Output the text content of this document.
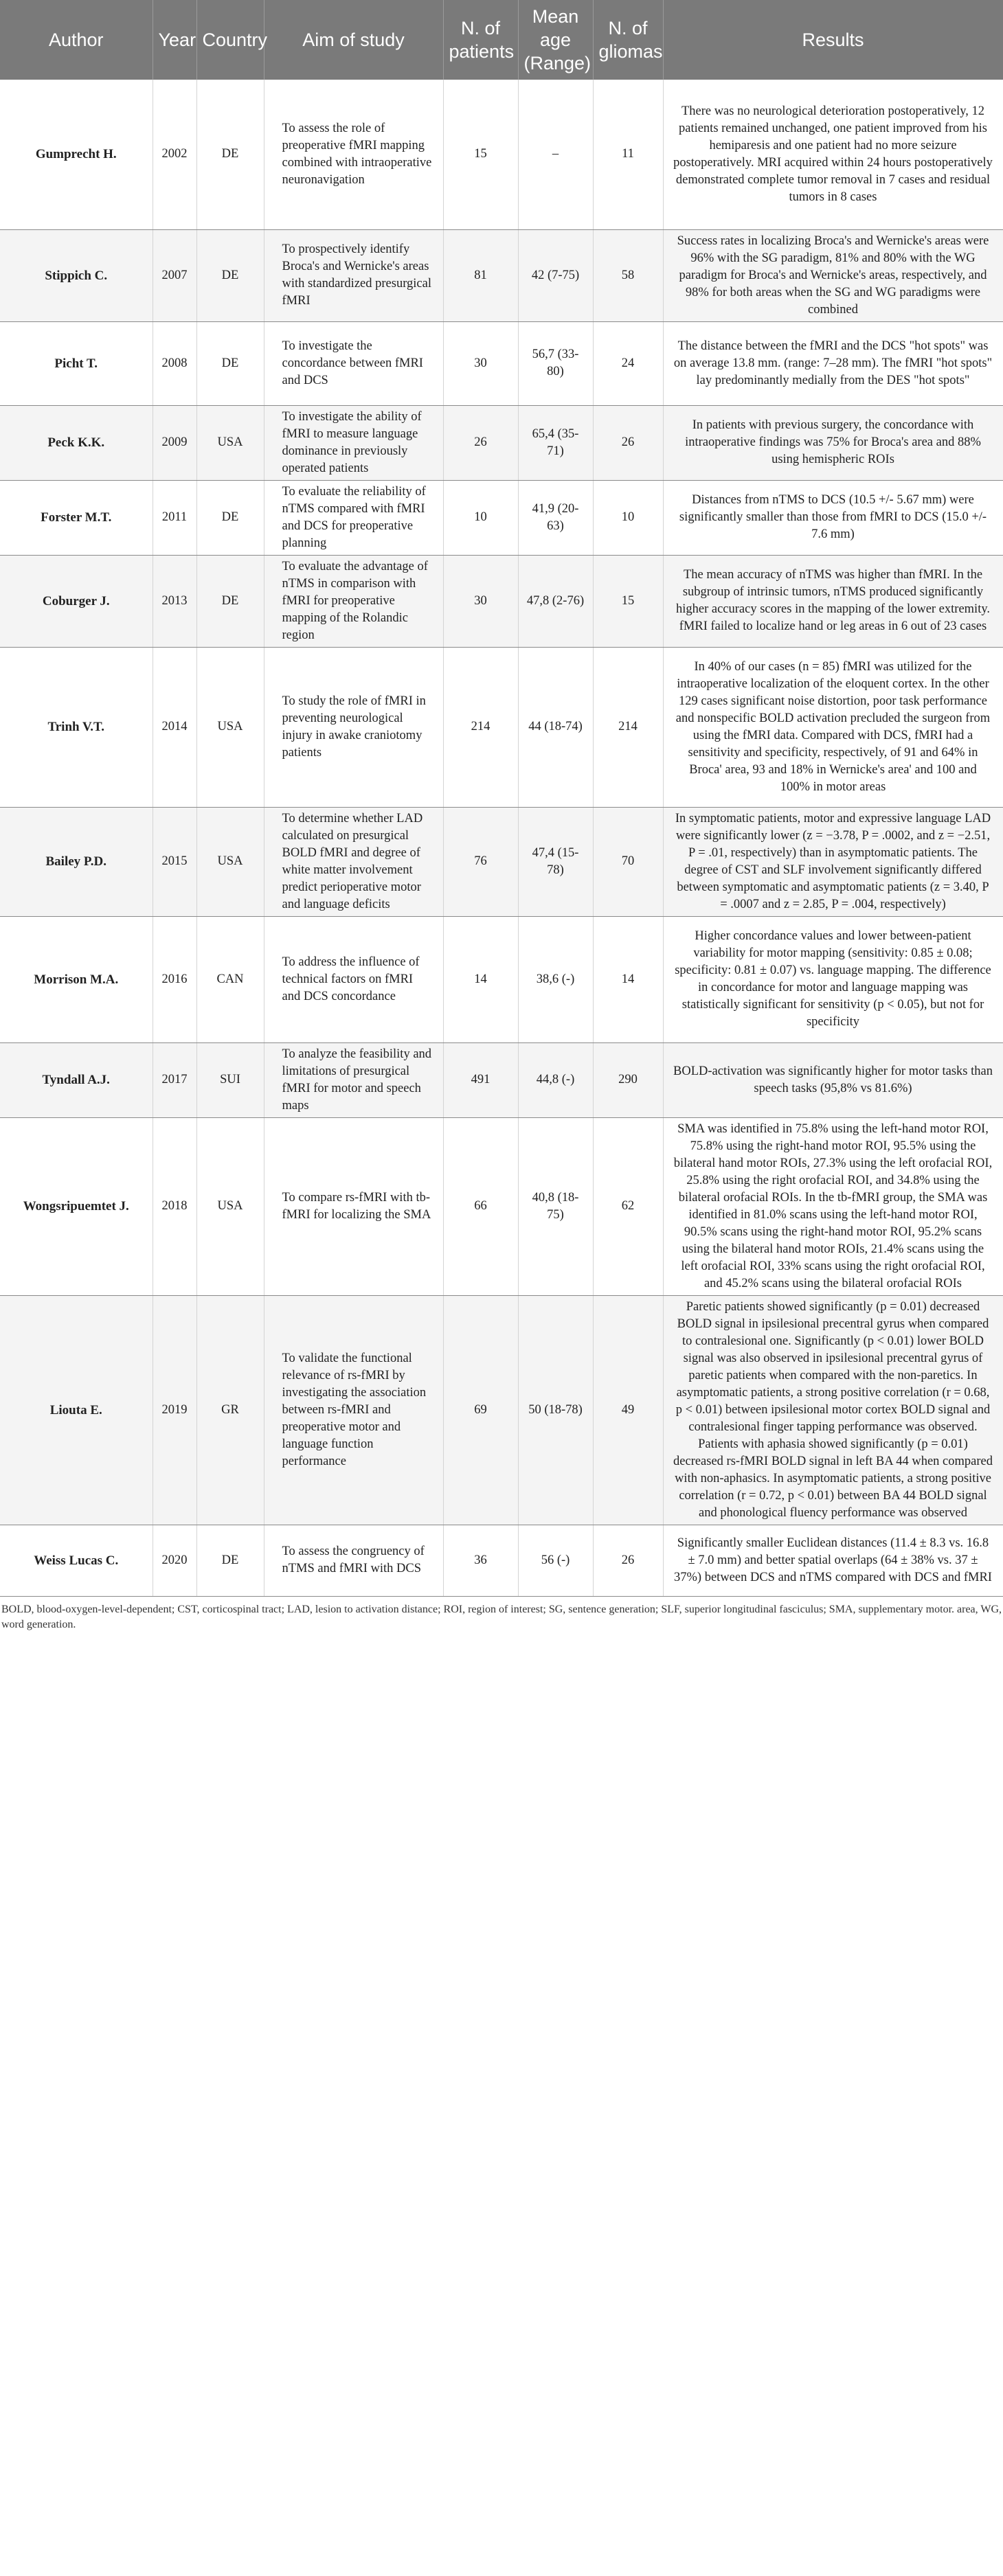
Author	Year	Country	Aim of study	N. of patients	Mean age (Range)	N. of gliomas	Results
Gumprecht H.	2002	DE	To assess the role of preoperative fMRI mapping combined with intraoperative neuronavigation	15	–	11	There was no neurological deterioration postoperatively, 12 patients remained unchanged, one patient improved from his hemiparesis and one patient had no more seizure postoperatively. MRI acquired within 24 hours postoperatively demonstrated complete tumor removal in 7 cases and residual tumors in 8 cases
Stippich C.	2007	DE	To prospectively identify Broca's and Wernicke's areas with standardized presurgical fMRI	81	42 (7-75)	58	Success rates in localizing Broca's and Wernicke's areas were 96% with the SG paradigm, 81% and 80% with the WG paradigm for Broca's and Wernicke's areas, respectively, and 98% for both areas when the SG and WG paradigms were combined
Picht T.	2008	DE	To investigate the concordance between fMRI and DCS	30	56,7 (33-80)	24	The distance between the fMRI and the DCS "hot spots" was on average 13.8 mm. (range: 7–28 mm). The fMRI "hot spots" lay predominantly medially from the DES "hot spots"
Peck K.K.	2009	USA	To investigate the ability of fMRI to measure language dominance in previously operated patients	26	65,4 (35-71)	26	In patients with previous surgery, the concordance with intraoperative findings was 75% for Broca's area and 88% using hemispheric ROIs
Forster M.T.	2011	DE	To evaluate the reliability of nTMS compared with fMRI and DCS for preoperative planning	10	41,9 (20-63)	10	Distances from nTMS to DCS (10.5 +/- 5.67 mm) were significantly smaller than those from fMRI to DCS (15.0 +/- 7.6 mm)
Coburger J.	2013	DE	To evaluate the advantage of nTMS in comparison with fMRI for preoperative mapping of the Rolandic region	30	47,8 (2-76)	15	The mean accuracy of nTMS was higher than fMRI. In the subgroup of intrinsic tumors, nTMS produced significantly higher accuracy scores in the mapping of the lower extremity. fMRI failed to localize hand or leg areas in 6 out of 23 cases
Trinh V.T.	2014	USA	To study the role of fMRI in preventing neurological injury in awake craniotomy patients	214	44 (18-74)	214	In 40% of our cases (n = 85) fMRI was utilized for the intraoperative localization of the eloquent cortex. In the other 129 cases significant noise distortion, poor task performance and nonspecific BOLD activation precluded the surgeon from using the fMRI data. Compared with DCS, fMRI had a sensitivity and specificity, respectively, of 91 and 64% in Broca' area, 93 and 18% in Wernicke's area' and 100 and 100% in motor areas
Bailey P.D.	2015	USA	To determine whether LAD calculated on presurgical BOLD fMRI and degree of white matter involvement predict perioperative motor and language deficits	76	47,4 (15-78)	70	In symptomatic patients, motor and expressive language LAD were significantly lower (z = −3.78, P = .0002, and z = −2.51, P = .01, respectively) than in asymptomatic patients. The degree of CST and SLF involvement significantly differed between symptomatic and asymptomatic patients (z = 3.40, P = .0007 and z = 2.85, P = .004, respectively)
Morrison M.A.	2016	CAN	To address the influence of technical factors on fMRI and DCS concordance	14	38,6 (-)	14	Higher concordance values and lower between-patient variability for motor mapping (sensitivity: 0.85 ± 0.08; specificity: 0.81 ± 0.07) vs. language mapping. The difference in concordance for motor and language mapping was statistically significant for sensitivity (p < 0.05), but not for specificity
Tyndall A.J.	2017	SUI	To analyze the feasibility and limitations of presurgical fMRI for motor and speech maps	491	44,8 (-)	290	BOLD-activation was significantly higher for motor tasks than speech tasks (95,8% vs 81.6%)
Wongsripuemtet J.	2018	USA	To compare rs-fMRI with tb-fMRI for localizing the SMA	66	40,8 (18-75)	62	SMA was identified in 75.8% using the left-hand motor ROI, 75.8% using the right-hand motor ROI, 95.5% using the bilateral hand motor ROIs, 27.3% using the left orofacial ROI, 25.8% using the right orofacial ROI, and 34.8% using the bilateral orofacial ROIs. In the tb-fMRI group, the SMA was identified in 81.0% scans using the left-hand motor ROI, 90.5% scans using the right-hand motor ROI, 95.2% scans using the bilateral hand motor ROIs, 21.4% scans using the left orofacial ROI, 33% scans using the right orofacial ROI, and 45.2% scans using the bilateral orofacial ROIs
Liouta E.	2019	GR	To validate the functional relevance of rs-fMRI by investigating the association between rs-fMRI and preoperative motor and language function performance	69	50 (18-78)	49	Paretic patients showed significantly (p = 0.01) decreased BOLD signal in ipsilesional precentral gyrus when compared to contralesional one. Significantly (p < 0.01) lower BOLD signal was also observed in ipsilesional precentral gyrus of paretic patients when compared with the non-paretics. In asymptomatic patients, a strong positive correlation (r = 0.68, p < 0.01) between ipsilesional motor cortex BOLD signal and contralesional finger tapping performance was observed. Patients with aphasia showed significantly (p = 0.01) decreased rs-fMRI BOLD signal in left BA 44 when compared with non-aphasics. In asymptomatic patients, a strong positive correlation (r = 0.72, p < 0.01) between BA 44 BOLD signal and phonological fluency performance was observed
Weiss Lucas C.	2020	DE	To assess the congruency of nTMS and fMRI with DCS	36	56 (-)	26	Significantly smaller Euclidean distances (11.4 ± 8.3 vs. 16.8 ± 7.0 mm) and better spatial overlaps (64 ± 38% vs. 37 ± 37%) between DCS and nTMS compared with DCS and fMRI
BOLD, blood-oxygen-level-dependent; CST, corticospinal tract; LAD, lesion to activation distance; ROI, region of interest; SG, sentence generation; SLF, superior longitudinal fasciculus; SMA, supplementary motor. area, WG, word generation.
